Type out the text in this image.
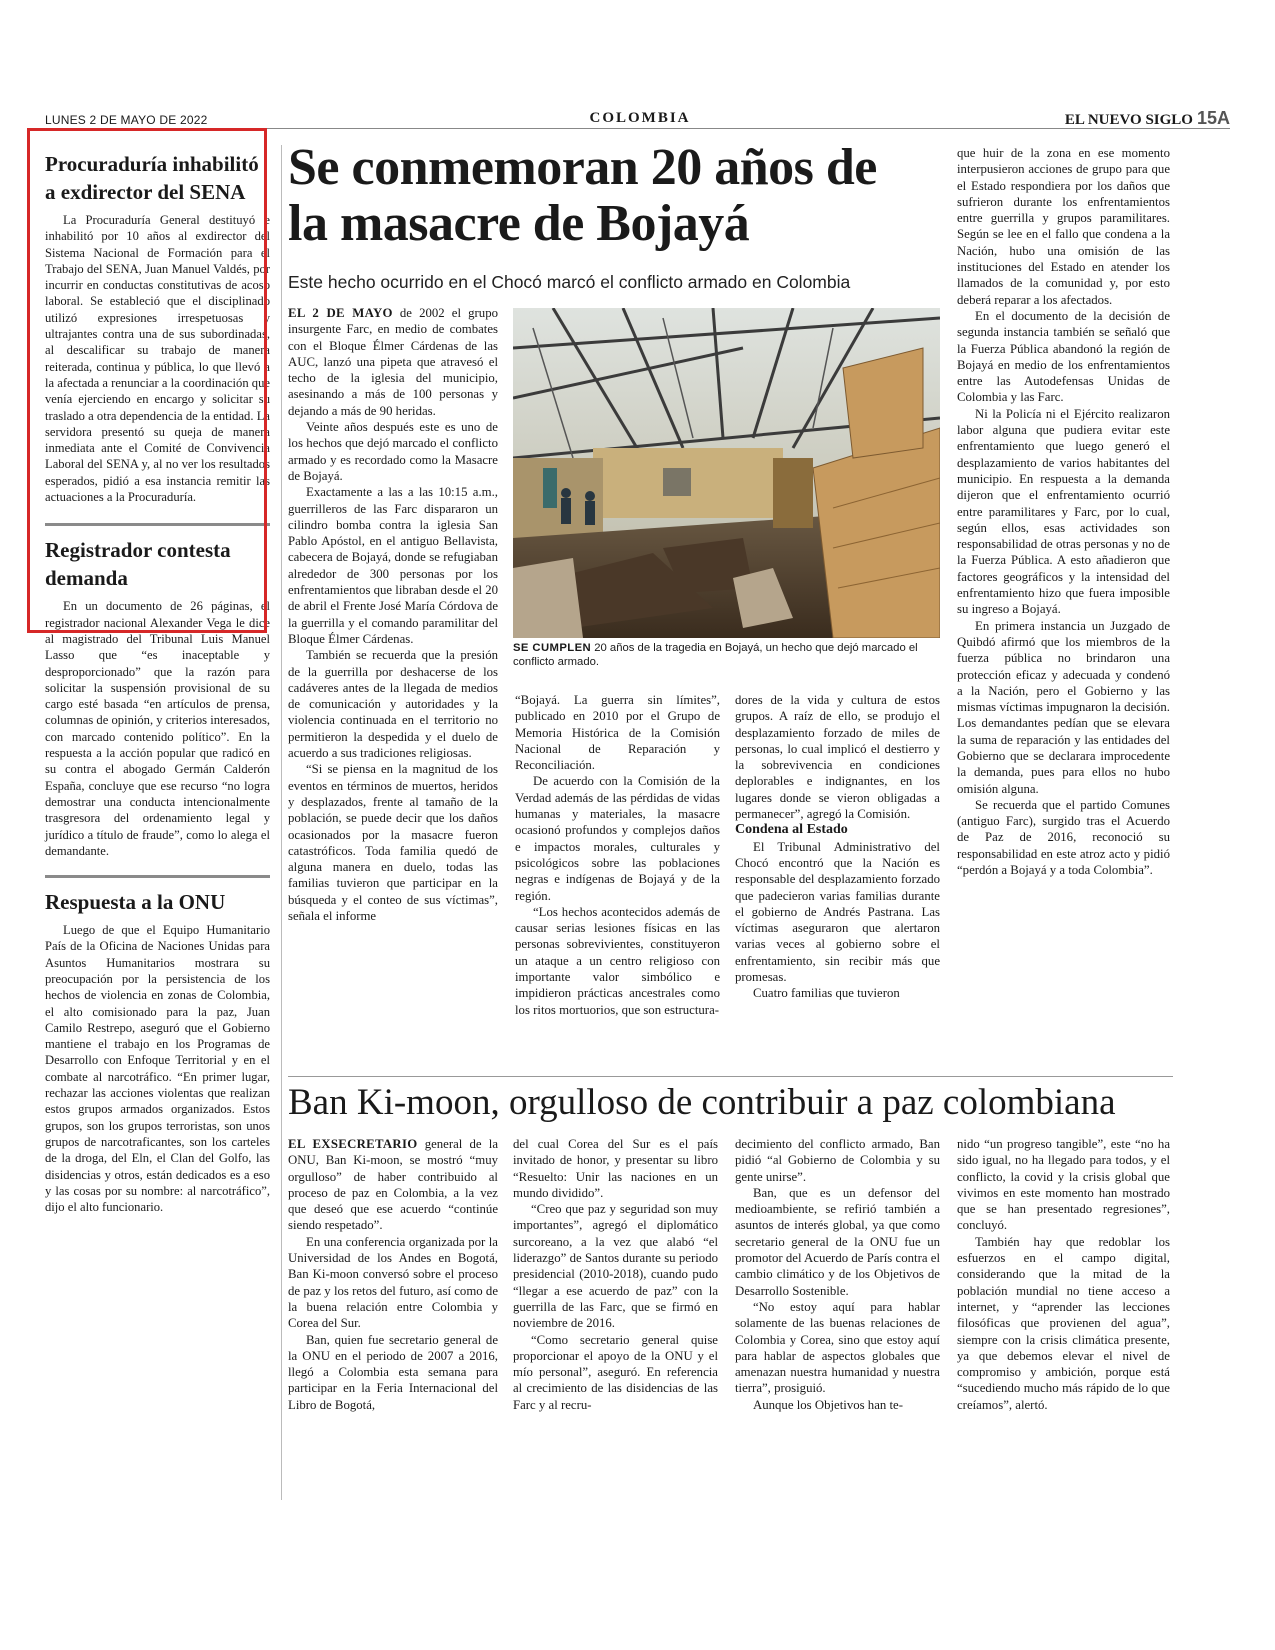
LUNES 2 DE MAYO DE 2022	COLOMBIA	EL NUEVO SIGLO 15A
Procuraduría inhabilitó a exdirector del SENA

La Procuraduría General destituyó e inhabilitó por 10 años al exdirector del Sistema Nacional de Formación para el Trabajo del SENA, Juan Manuel Valdés, por incurrir en conductas constitutivas de acoso laboral. Se estableció que el disciplinado utilizó expresiones irrespetuosas y ultrajantes contra una de sus subordinadas, al descalificar su trabajo de manera reiterada, continua y pública, lo que llevó a la afectada a renunciar a la coordinación que venía ejerciendo en encargo y solicitar su traslado a otra dependencia de la entidad. La servidora presentó su queja de manera inmediata ante el Comité de Convivencia Laboral del SENA y, al no ver los resultados esperados, pidió a esa instancia remitir las actuaciones a la Procuraduría.

Registrador contesta demanda

En un documento de 26 páginas, el registrador nacional Alexander Vega le dice al magistrado del Tribunal Luis Manuel Lasso que “es inaceptable y desproporcionado” que la razón para solicitar la suspensión provisional de su cargo esté basada “en artículos de prensa, columnas de opinión, y criterios interesados, con marcado contenido político”. En la respuesta a la acción popular que radicó en su contra el abogado Germán Calderón España, concluye que ese recurso “no logra demostrar una conducta intencionalmente trasgresora del ordenamiento legal y jurídico a título de fraude”, como lo alega el demandante.

Respuesta a la ONU

Luego de que el Equipo Humanitario País de la Oficina de Naciones Unidas para Asuntos Humanitarios mostrara su preocupación por la persistencia de los hechos de violencia en zonas de Colombia, el alto comisionado para la paz, Juan Camilo Restrepo, aseguró que el Gobierno mantiene el trabajo en los Programas de Desarrollo con Enfoque Territorial y en el combate al narcotráfico. “En primer lugar, rechazar las acciones violentas que realizan estos grupos armados organizados. Estos grupos, son los grupos terroristas, son unos grupos de narcotraficantes, son los carteles de la droga, del Eln, el Clan del Golfo, las disidencias y otros, están dedicados es a eso y las cosas por su nombre: al narcotráfico”, dijo el alto funcionario.

Se conmemoran 20 años de la masacre de Bojayá
Este hecho ocurrido en el Chocó marcó el conflicto armado en Colombia

EL 2 DE MAYO de 2002 el grupo insurgente Farc, en medio de combates con el Bloque Élmer Cárdenas de las AUC, lanzó una pipeta que atravesó el techo de la iglesia del municipio, asesinando a más de 100 personas y dejando a más de 90 heridas.

Veinte años después este es uno de los hechos que dejó marcado el conflicto armado y es recordado como la Masacre de Bojayá.

Exactamente a las a las 10:15 a.m., guerrilleros de las Farc dispararon un cilindro bomba contra la iglesia San Pablo Apóstol, en el antiguo Bellavista, cabecera de Bojayá, donde se refugiaban alrededor de 300 personas por los enfrentamientos que libraban desde el 20 de abril el Frente José María Córdova de la guerrilla y el comando paramilitar del Bloque Élmer Cárdenas.

También se recuerda que la presión de la guerrilla por deshacerse de los cadáveres antes de la llegada de medios de comunicación y autoridades y la violencia continuada en el territorio no permitieron la despedida y el duelo de acuerdo a sus tradiciones religiosas.

“Si se piensa en la magnitud de los eventos en términos de muertos, heridos y desplazados, frente al tamaño de la población, se puede decir que los daños ocasionados por la masacre fueron catastróficos. Toda familia quedó de alguna manera en duelo, todas las familias tuvieron que participar en la búsqueda y el conteo de sus víctimas”, señala el informe

SE CUMPLEN 20 años de la tragedia en Bojayá, un hecho que dejó marcado el conflicto armado.

“Bojayá. La guerra sin límites”, publicado en 2010 por el Grupo de Memoria Histórica de la Comisión Nacional de Reparación y Reconciliación.

De acuerdo con la Comisión de la Verdad además de las pérdidas de vidas humanas y materiales, la masacre ocasionó profundos y complejos daños e impactos morales, culturales y psicológicos sobre las poblaciones negras e indígenas de Bojayá y de la región.

“Los hechos acontecidos además de causar serias lesiones físicas en las personas sobrevivientes, constituyeron un ataque a un centro religioso con importante valor simbólico e impidieron prácticas ancestrales como los ritos mortuorios, que son estructura-

dores de la vida y cultura de estos grupos. A raíz de ello, se produjo el desplazamiento forzado de miles de personas, lo cual implicó el destierro y la sobrevivencia en condiciones deplorables e indignantes, en los lugares donde se vieron obligadas a permanecer”, agregó la Comisión.

Condena al Estado

El Tribunal Administrativo del Chocó encontró que la Nación es responsable del desplazamiento forzado que padecieron varias familias durante el gobierno de Andrés Pastrana. Las víctimas aseguraron que alertaron varias veces al gobierno sobre el enfrentamiento, sin recibir más que promesas.

Cuatro familias que tuvieron

que huir de la zona en ese momento interpusieron acciones de grupo para que el Estado respondiera por los daños que sufrieron durante los enfrentamientos entre guerrilla y grupos paramilitares. Según se lee en el fallo que condena a la Nación, hubo una omisión de las instituciones del Estado en atender los llamados de la comunidad y, por esto deberá reparar a los afectados.

En el documento de la decisión de segunda instancia también se señaló que la Fuerza Pública abandonó la región de Bojayá en medio de los enfrentamientos entre las Autodefensas Unidas de Colombia y las Farc.

Ni la Policía ni el Ejército realizaron labor alguna que pudiera evitar este enfrentamiento que luego generó el desplazamiento de varios habitantes del municipio. En respuesta a la demanda dijeron que el enfrentamiento ocurrió entre paramilitares y Farc, por lo cual, según ellos, esas actividades son responsabilidad de otras personas y no de la Fuerza Pública. A esto añadieron que factores geográficos y la intensidad del enfrentamiento hizo que fuera imposible su ingreso a Bojayá.

En primera instancia un Juzgado de Quibdó afirmó que los miembros de la fuerza pública no brindaron una protección eficaz y adecuada y condenó a la Nación, pero el Gobierno y las mismas víctimas impugnaron la decisión. Los demandantes pedían que se elevara la suma de reparación y las entidades del Gobierno que se declarara improcedente la demanda, pues para ellos no hubo omisión alguna.

Se recuerda que el partido Comunes (antiguo Farc), surgido tras el Acuerdo de Paz de 2016, reconoció su responsabilidad en este atroz acto y pidió “perdón a Bojayá y a toda Colombia”.

Ban Ki-moon, orgulloso de contribuir a paz colombiana

EL EXSECRETARIO general de la ONU, Ban Ki-moon, se mostró “muy orgulloso” de haber contribuido al proceso de paz en Colombia, a la vez que deseó que ese acuerdo “continúe siendo respetado”.

En una conferencia organizada por la Universidad de los Andes en Bogotá, Ban Ki-moon conversó sobre el proceso de paz y los retos del futuro, así como de la buena relación entre Colombia y Corea del Sur.

Ban, quien fue secretario general de la ONU en el periodo de 2007 a 2016, llegó a Colombia esta semana para participar en la Feria Internacional del Libro de Bogotá,

del cual Corea del Sur es el país invitado de honor, y presentar su libro “Resuelto: Unir las naciones en un mundo dividido”.

“Creo que paz y seguridad son muy importantes”, agregó el diplomático surcoreano, a la vez que alabó “el liderazgo” de Santos durante su periodo presidencial (2010-2018), cuando pudo “llegar a ese acuerdo de paz” con la guerrilla de las Farc, que se firmó en noviembre de 2016.

“Como secretario general quise proporcionar el apoyo de la ONU y el mío personal”, aseguró. En referencia al crecimiento de las disidencias de las Farc y al recru-

decimiento del conflicto armado, Ban pidió “al Gobierno de Colombia y su gente unirse”.

Ban, que es un defensor del medioambiente, se refirió también a asuntos de interés global, ya que como secretario general de la ONU fue un promotor del Acuerdo de París contra el cambio climático y de los Objetivos de Desarrollo Sostenible.

“No estoy aquí para hablar solamente de las buenas relaciones de Colombia y Corea, sino que estoy aquí para hablar de aspectos globales que amenazan nuestra humanidad y nuestra tierra”, prosiguió.

Aunque los Objetivos han te-

nido “un progreso tangible”, este “no ha sido igual, no ha llegado para todos, y el conflicto, la covid y la crisis global que vivimos en este momento han mostrado que se han presentado regresiones”, concluyó.

También hay que redoblar los esfuerzos en el campo digital, considerando que la mitad de la población mundial no tiene acceso a internet, y “aprender las lecciones filosóficas que provienen del agua”, siempre con la crisis climática presente, ya que debemos elevar el nivel de compromiso y ambición, porque está “sucediendo mucho más rápido de lo que creíamos”, alertó.
